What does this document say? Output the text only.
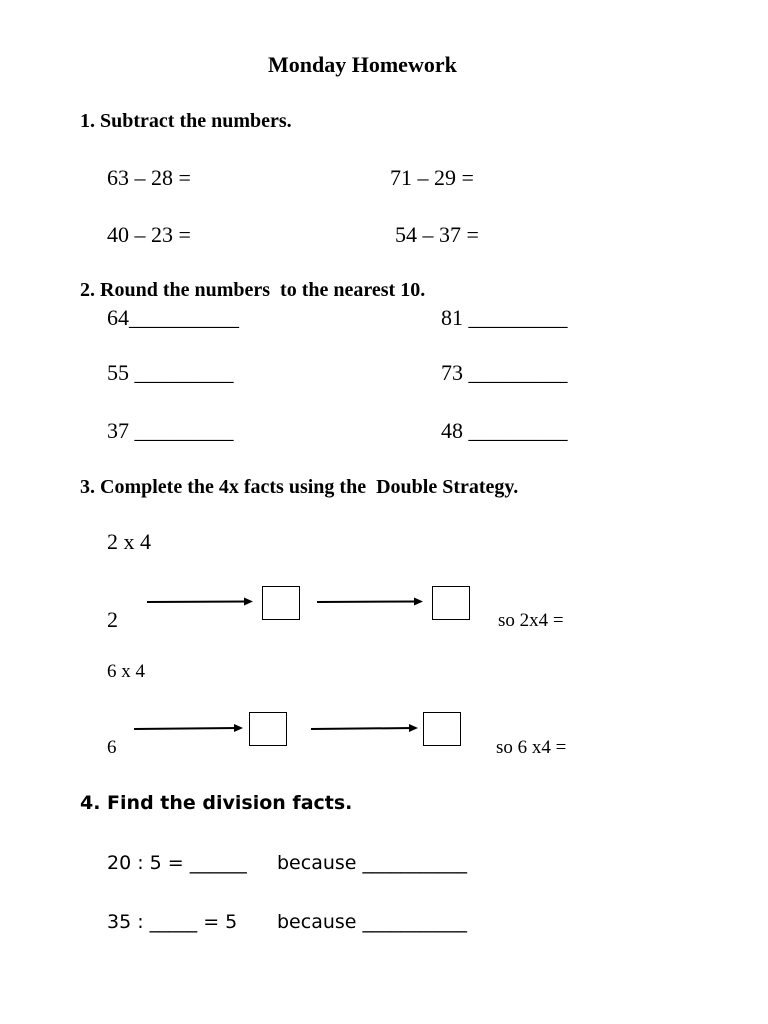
Monday Homework
1. Subtract the numbers.
63 – 28 =	71 – 29 =
40 – 23 =	54 – 37 =
2. Round the numbers  to the nearest 10.
64__________	81 _________
55 _________	73 _________
37 _________	48 _________
3. Complete the 4x facts using the  Double Strategy.
2 x 4
2	so 2x4 =
6 x 4
6	so 6 x4 =
4. Find the division facts.
20 : 5 = ______ because ___________
35 : _____ = 5 because ___________
